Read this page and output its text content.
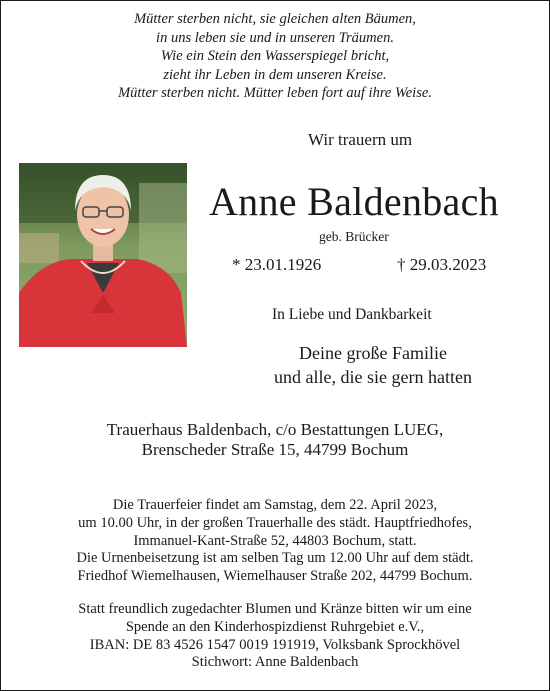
Mütter sterben nicht, sie gleichen alten Bäumen,
in uns leben sie und in unseren Träumen.
Wie ein Stein den Wasserspiegel bricht,
zieht ihr Leben in dem unseren Kreise.
Mütter sterben nicht. Mütter leben fort auf ihre Weise.
Wir trauern um
Anne Baldenbach
geb. Brücker
* 23.01.1926	† 29.03.2023
In Liebe und Dankbarkeit
Deine große Familie
und alle, die sie gern hatten
Trauerhaus Baldenbach, c/o Bestattungen LUEG,
Brenscheder Straße 15, 44799 Bochum
Die Trauerfeier findet am Samstag, dem 22. April 2023,
um 10.00 Uhr, in der großen Trauerhalle des städt. Hauptfriedhofes,
Immanuel-Kant-Straße 52, 44803 Bochum, statt.
Die Urnenbeisetzung ist am selben Tag um 12.00 Uhr auf dem städt.
Friedhof Wiemelhausen, Wiemelhauser Straße 202, 44799 Bochum.
Statt freundlich zugedachter Blumen und Kränze bitten wir um eine
Spende an den Kinderhospizdienst Ruhrgebiet e.V.,
IBAN: DE 83 4526 1547 0019 191919, Volksbank Sprockhövel
Stichwort: Anne Baldenbach
